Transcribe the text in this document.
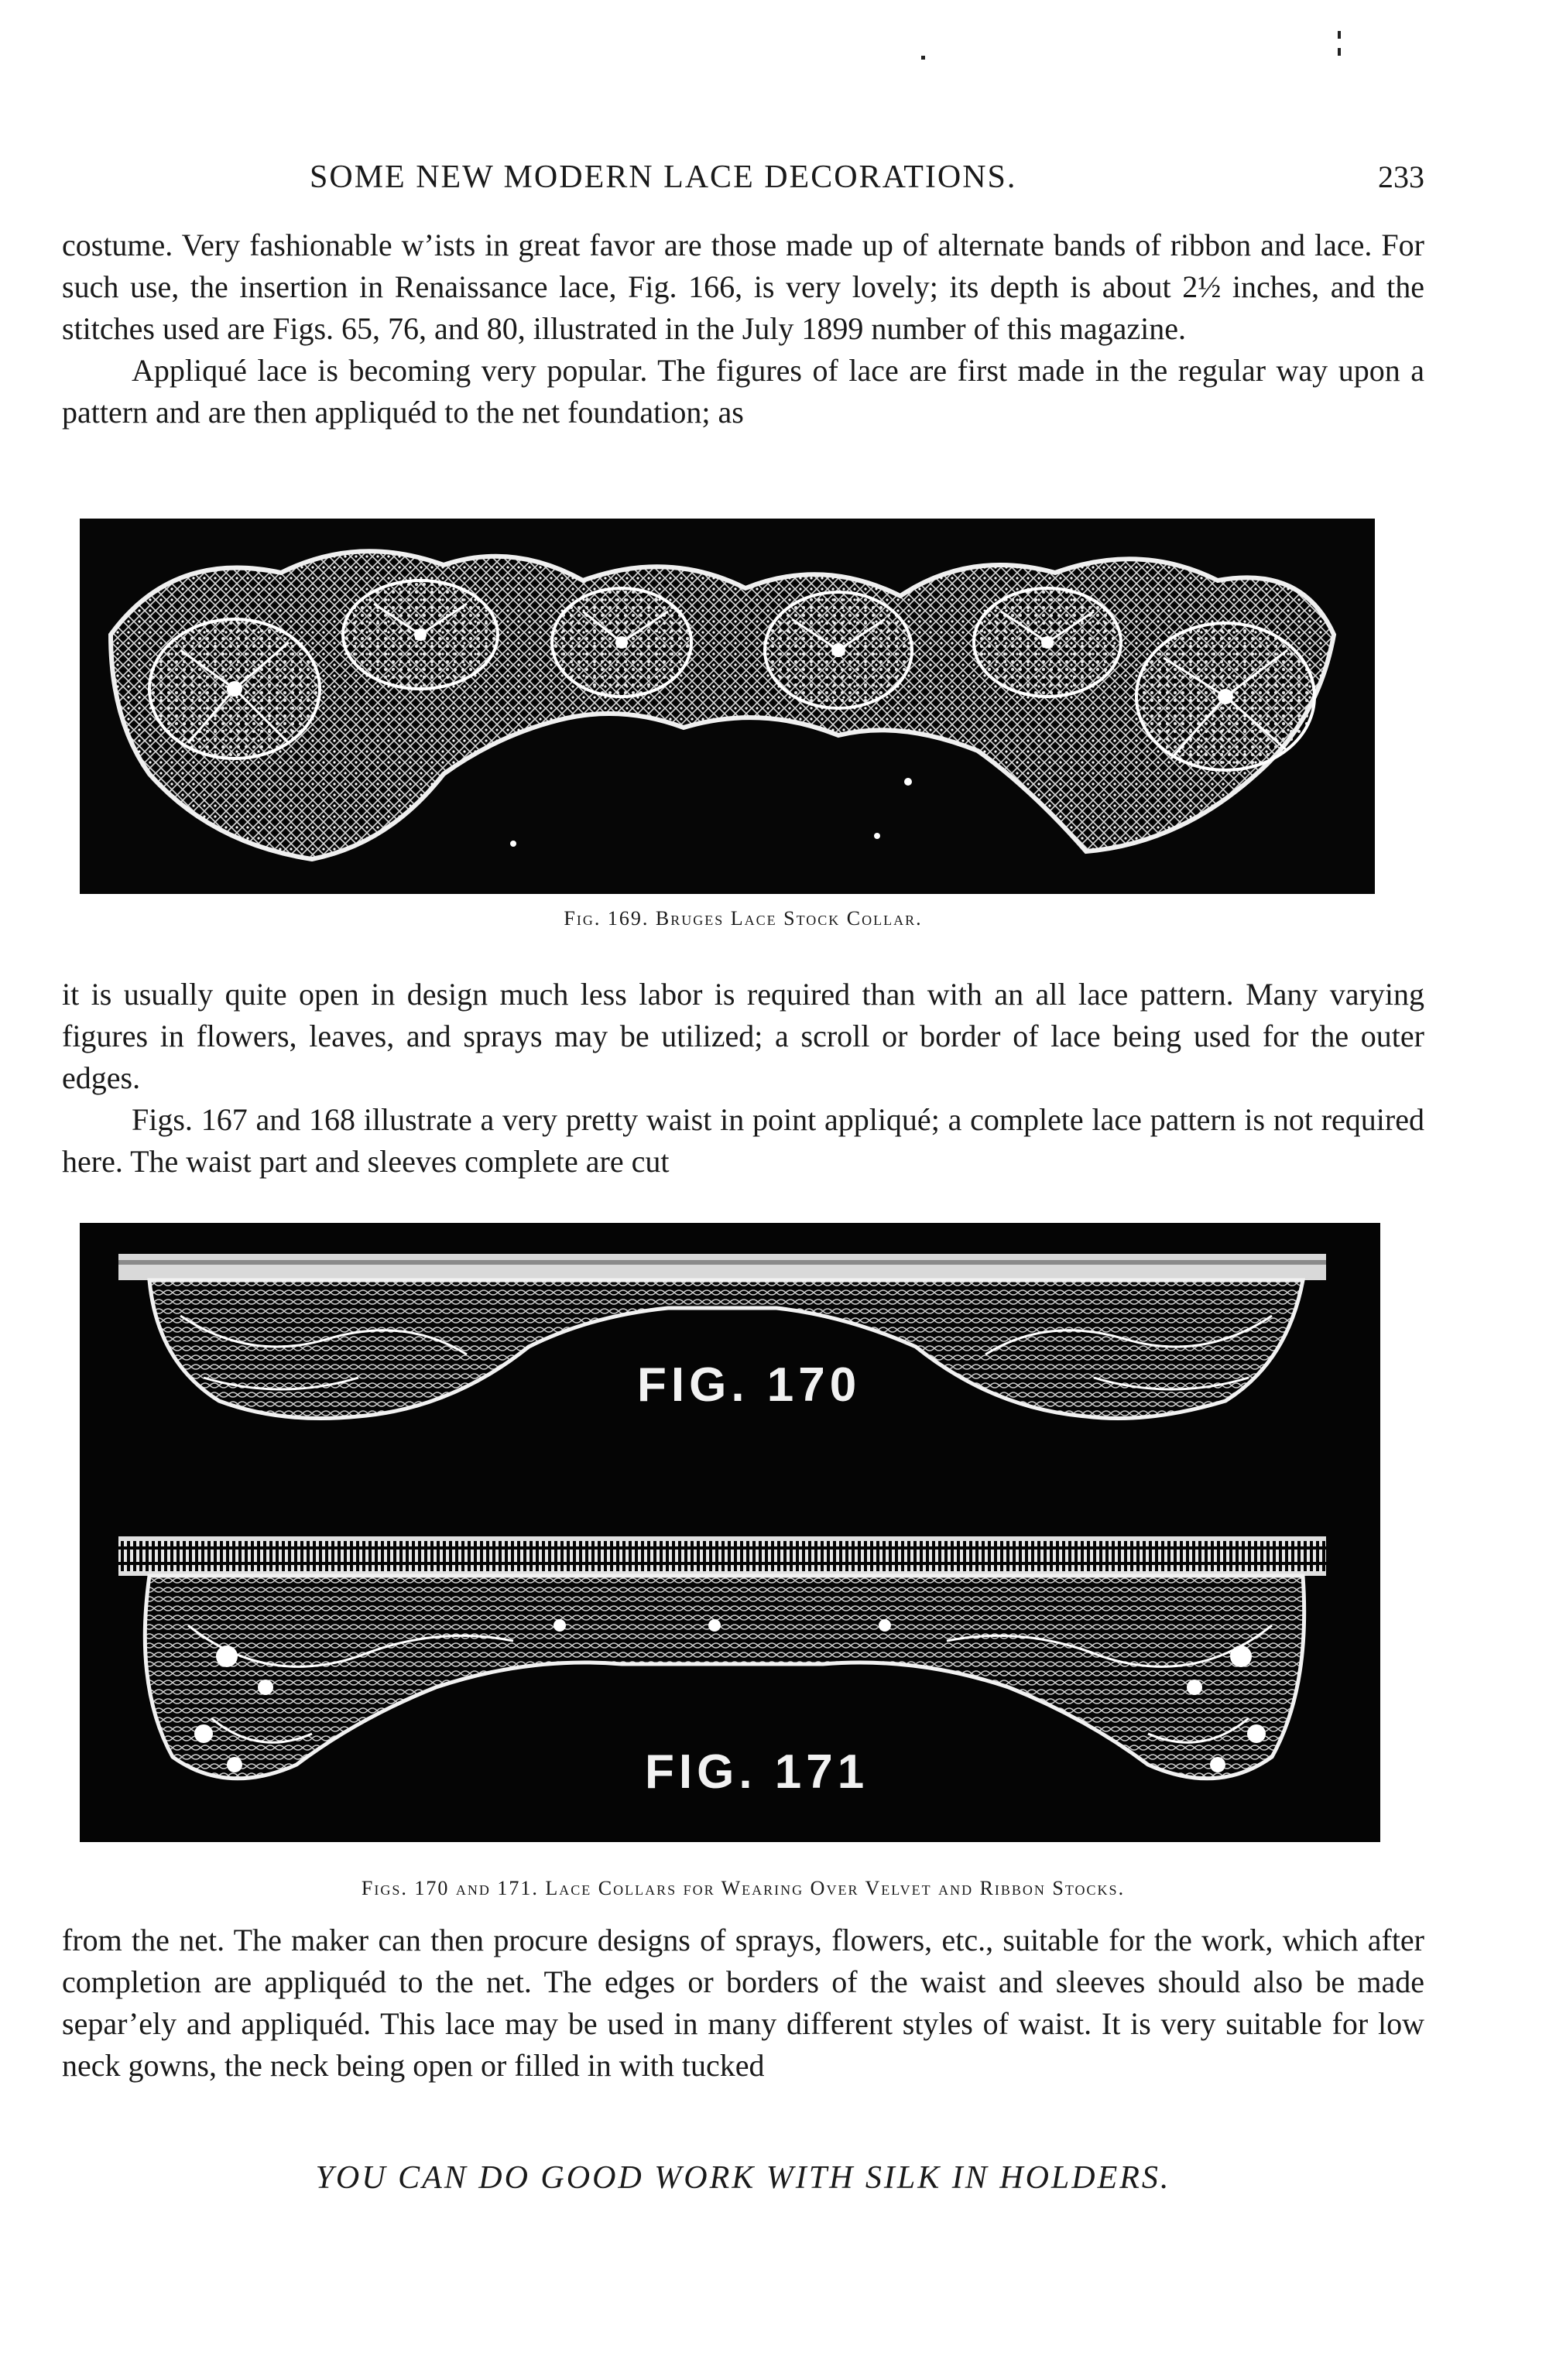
SOME NEW MODERN LACE DECORATIONS.	233

costume. Very fashionable w’ists in great favor are those made up of alternate bands of ribbon and lace. For such use, the insertion in Renaissance lace, Fig. 166, is very lovely; its depth is about 2½ inches, and the stitches used are Figs. 65, 76, and 80, illustrated in the July 1899 number of this magazine.

Appliqué lace is becoming very popular. The figures of lace are first made in the regular way upon a pattern and are then appliquéd to the net foundation; as

Fig. 169. Bruges Lace Stock Collar.

it is usually quite open in design much less labor is required than with an all lace pattern. Many varying figures in flowers, leaves, and sprays may be utilized; a scroll or border of lace being used for the outer edges.

Figs. 167 and 168 illustrate a very pretty waist in point appliqué; a complete lace pattern is not required here. The waist part and sleeves complete are cut

FIG. 170
FIG. 171
Figs. 170 and 171. Lace Collars for Wearing Over Velvet and Ribbon Stocks.

from the net. The maker can then procure designs of sprays, flowers, etc., suitable for the work, which after completion are appliquéd to the net. The edges or borders of the waist and sleeves should also be made separ’ely and appliquéd. This lace may be used in many different styles of waist. It is very suitable for low neck gowns, the neck being open or filled in with tucked

YOU CAN DO GOOD WORK WITH SILK IN HOLDERS.
